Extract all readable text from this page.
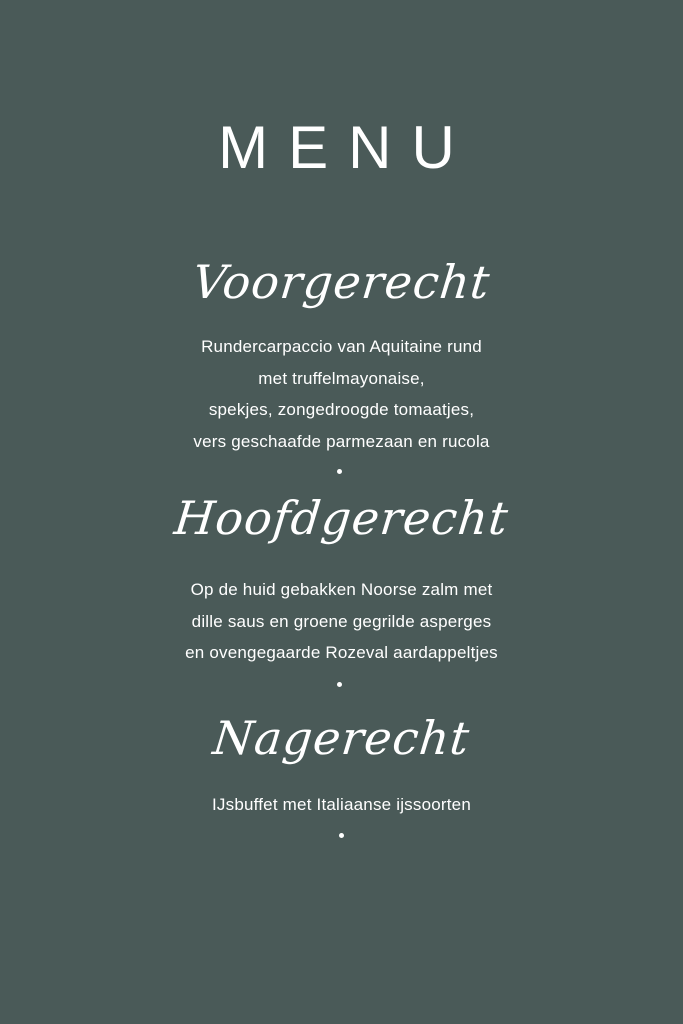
MENU
Voorgerecht
Rundercarpaccio van Aquitaine rund
met truffelmayonaise,
spekjes, zongedroogde tomaatjes,
vers geschaafde parmezaan en rucola
Hoofdgerecht
Op de huid gebakken Noorse zalm met
dille saus en groene gegrilde asperges
en ovengegaarde Rozeval aardappeltjes
Nagerecht
IJsbuffet met Italiaanse ijssoorten
